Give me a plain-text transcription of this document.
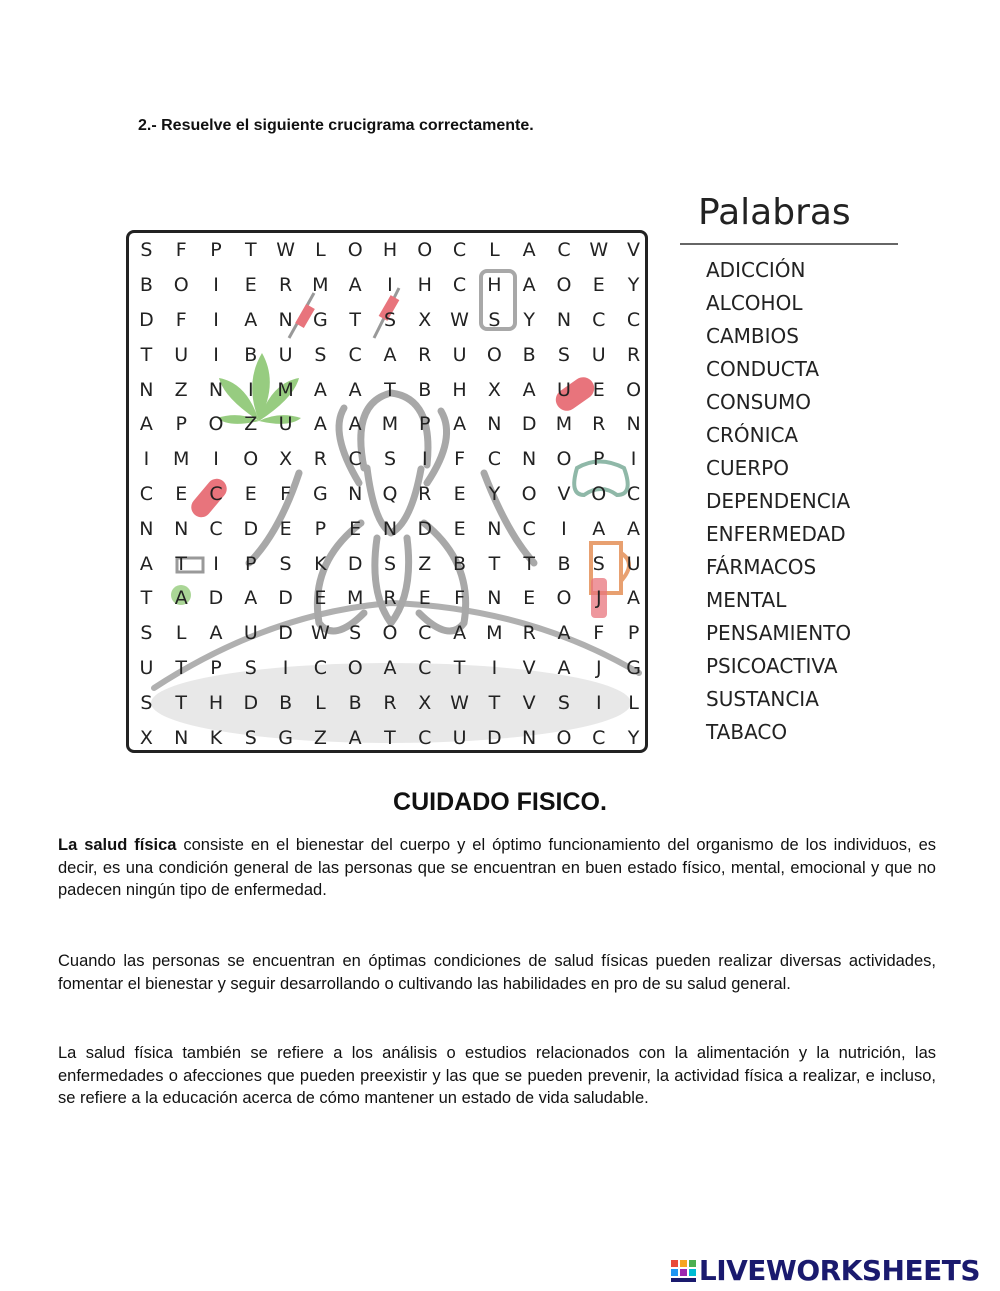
2.- Resuelve el siguiente crucigrama correctamente.
S	F	P	T	W	L	O	H	O	C	L	A	C W V
B	O	I	E	R	M	A	I	H	C	H	A	O	E	Y
D	F	I	A	N	G	T	S	X W	S	Y	N	C	C
T	U	I	B	U	S	C	A	R	U	O	B	S	U	R
N	Z	N	I	M	A	A	T	B	H	X	A	U	E	O
A	P	O	Z	U	A	A	M	P	A	N	D	M	R	N
I	M	I	O	X	R	C	S	I	F	C	N	O	P	I
C	E	C	E	F	G	N	Q	R	E	Y	O	V	O	C
N	N	C	D	E	P	E	N	D	E	N	C	I	A	A
A	T	I	P	S	K	D	S	Z	B	T	T	B	S	U
T	A	D	A	D	E	M	R	E	F	N	E	O	J	A
S	L	A	U	D W	S	O	C	A	M	R	A	F	P
U	T	P	S	I	C	O	A	C	T	I	V	A	J	G
S	T	H	D	B	L	B	R	X W	T	V	S	I	L
X	N	K	S	G	Z	A	T	C	U	D	N	O	C	Y
Palabras
ADICCIÓN
ALCOHOL
CAMBIOS
CONDUCTA
CONSUMO
CRÓNICA
CUERPO
DEPENDENCIA
ENFERMEDAD
FÁRMACOS
MENTAL
PENSAMIENTO
PSICOACTIVA
SUSTANCIA
TABACO
CUIDADO FISICO.

La salud física consiste en el bienestar del cuerpo y el óptimo funcionamiento del organismo de los individuos, es decir, es una condición general de las personas que se encuentran en buen estado físico, mental, emocional y que no padecen ningún tipo de enfermedad.

Cuando las personas se encuentran en óptimas condiciones de salud físicas pueden realizar diversas actividades, fomentar el bienestar y seguir desarrollando o cultivando las habilidades en pro de su salud general.

La salud física también se refiere a los análisis o estudios relacionados con la alimentación y la nutrición, las enfermedades o afecciones que pueden preexistir y las que se pueden prevenir, la actividad física a realizar, e incluso, se refiere a la educación acerca de cómo mantener un estado de vida saludable.

LIVEWORKSHEETS
